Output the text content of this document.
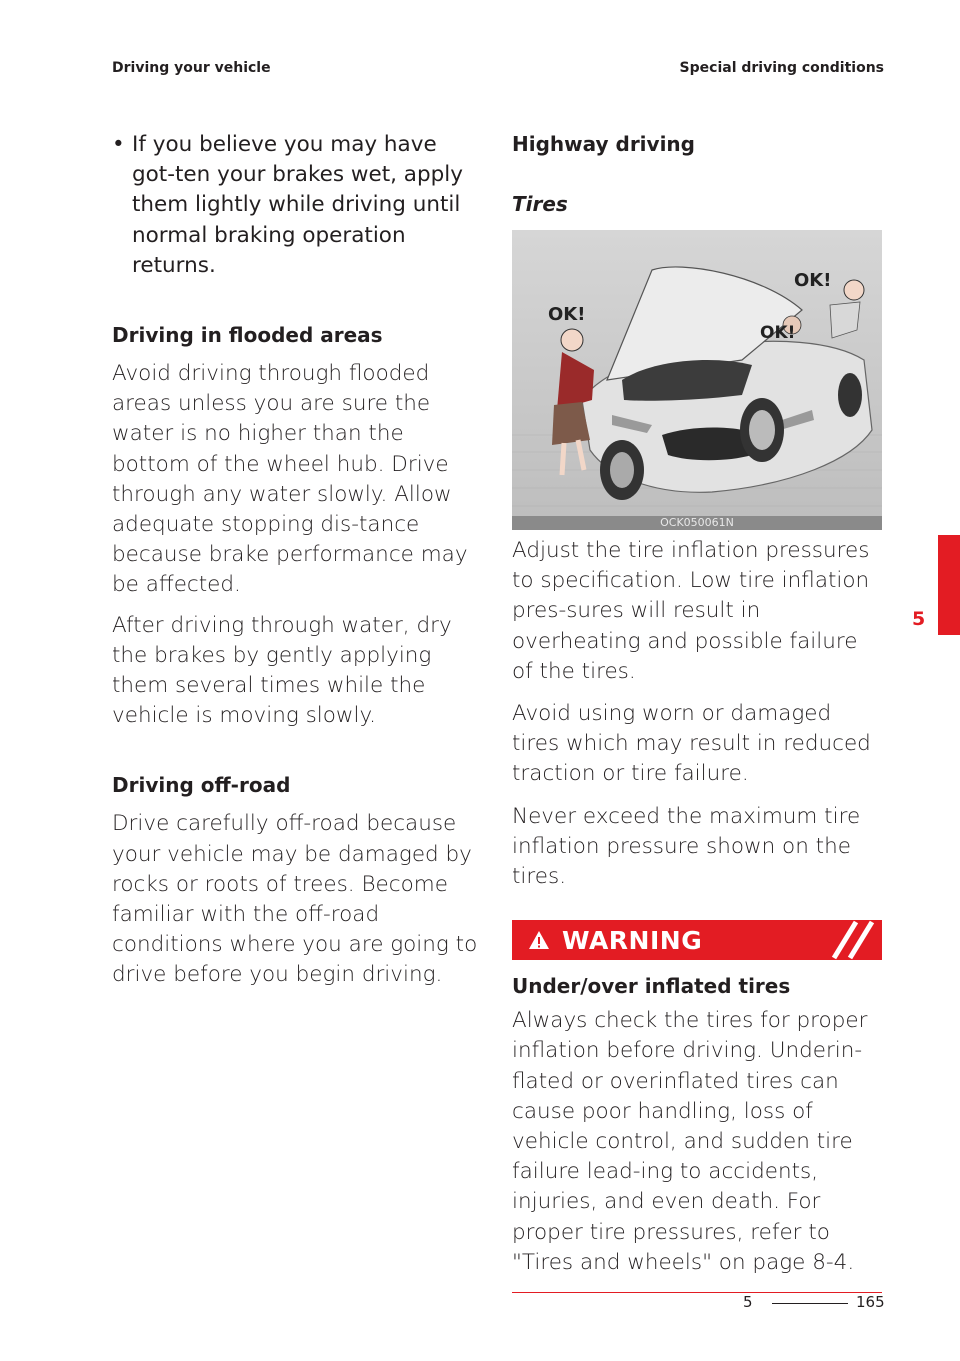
Driving your vehicle	Special driving conditions

• If you believe you may have got-ten your brakes wet, apply them lightly while driving until normal braking operation returns.

Driving in flooded areas

Avoid driving through flooded areas unless you are sure the water is no higher than the bottom of the wheel hub. Drive through any water slowly. Allow adequate stopping dis-tance because brake performance may be affected.

After driving through water, dry the brakes by gently applying them several times while the vehicle is moving slowly.

Driving off-road

Drive carefully off-road because your vehicle may be damaged by rocks or roots of trees. Become familiar with the off-road conditions where you are going to drive before you begin driving.

Highway driving

Tires

OK!
OK!
OK!
OCK050061N

Adjust the tire inflation pressures to specification. Low tire inflation pres-sures will result in overheating and possible failure of the tires.

Avoid using worn or damaged tires which may result in reduced traction or tire failure.

Never exceed the maximum tire inflation pressure shown on the tires.

WARNING

Under/over inflated tires

Always check the tires for proper inflation before driving. Underin-flated or overinflated tires can cause poor handling, loss of vehicle control, and sudden tire failure lead-ing to accidents, injuries, and even death. For proper tire pressures, refer to "Tires and wheels" on page 8-4.

5
5	165
